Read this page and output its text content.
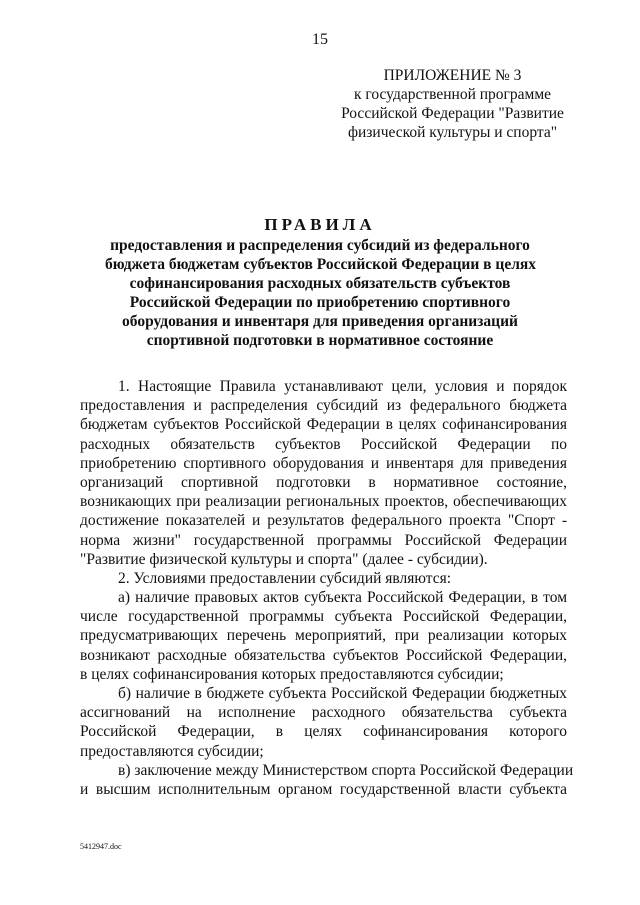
15
ПРИЛОЖЕНИЕ № 3
к государственной программе
Российской Федерации "Развитие
физической культуры и спорта"
ПРАВИЛА
предоставления и распределения субсидий из федерального
бюджета бюджетам субъектов Российской Федерации в целях
софинансирования расходных обязательств субъектов
Российской Федерации по приобретению спортивного
оборудования и инвентаря для приведения организаций
спортивной подготовки в нормативное состояние
1. Настоящие Правила устанавливают цели, условия и порядок
предоставления и распределения субсидий из федерального бюджета
бюджетам субъектов Российской Федерации в целях софинансирования
расходных обязательств субъектов Российской Федерации по
приобретению спортивного оборудования и инвентаря для приведения
организаций спортивной подготовки в нормативное состояние,
возникающих при реализации региональных проектов, обеспечивающих
достижение показателей и результатов федерального проекта "Спорт -
норма жизни" государственной программы Российской Федерации
"Развитие физической культуры и спорта" (далее - субсидии).
2. Условиями предоставлении субсидий являются:
а) наличие правовых актов субъекта Российской Федерации, в том
числе государственной программы субъекта Российской Федерации,
предусматривающих перечень мероприятий, при реализации которых
возникают расходные обязательства субъектов Российской Федерации,
в целях софинансирования которых предоставляются субсидии;
б) наличие в бюджете субъекта Российской Федерации бюджетных
ассигнований на исполнение расходного обязательства субъекта
Российской Федерации, в целях софинансирования которого
предоставляются субсидии;
в) заключение между Министерством спорта Российской Федерации
и высшим исполнительным органом государственной власти субъекта
5412947.doc
